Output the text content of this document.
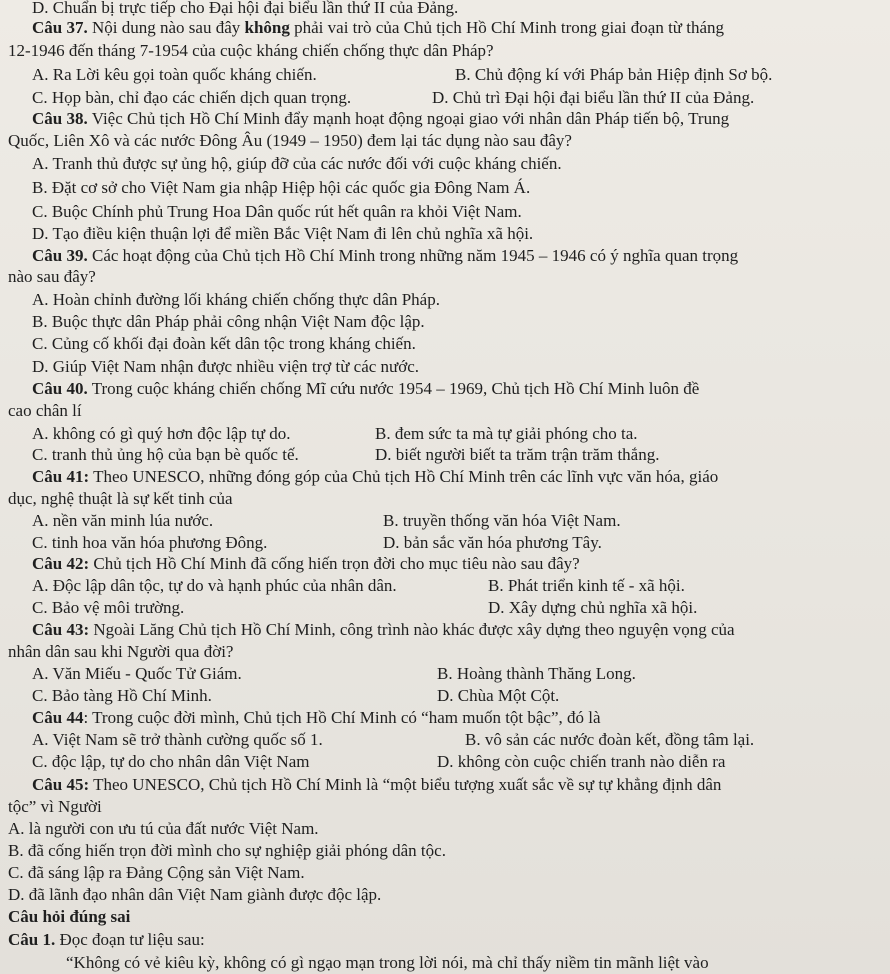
D. Chuẩn bị trực tiếp cho Đại hội đại biểu lần thứ II của Đảng.
Câu 37. Nội dung nào sau đây không phải vai trò của Chủ tịch Hồ Chí Minh trong giai đoạn từ tháng
12-1946 đến tháng 7-1954 của cuộc kháng chiến chống thực dân Pháp?
A. Ra Lời kêu gọi toàn quốc kháng chiến.	B. Chủ động kí với Pháp bản Hiệp định Sơ bộ.
C. Họp bàn, chỉ đạo các chiến dịch quan trọng.	D. Chủ trì Đại hội đại biểu lần thứ II của Đảng.
Câu 38. Việc Chủ tịch Hồ Chí Minh đẩy mạnh hoạt động ngoại giao với nhân dân Pháp tiến bộ, Trung
Quốc, Liên Xô và các nước Đông Âu (1949 – 1950) đem lại tác dụng nào sau đây?
A. Tranh thủ được sự ủng hộ, giúp đỡ của các nước đối với cuộc kháng chiến.
B. Đặt cơ sở cho Việt Nam gia nhập Hiệp hội các quốc gia Đông Nam Á.
C. Buộc Chính phủ Trung Hoa Dân quốc rút hết quân ra khỏi Việt Nam.
D. Tạo điều kiện thuận lợi để miền Bắc Việt Nam đi lên chủ nghĩa xã hội.
Câu 39. Các hoạt động của Chủ tịch Hồ Chí Minh trong những năm 1945 – 1946 có ý nghĩa quan trọng
nào sau đây?
A. Hoàn chỉnh đường lối kháng chiến chống thực dân Pháp.
B. Buộc thực dân Pháp phải công nhận Việt Nam độc lập.
C. Củng cố khối đại đoàn kết dân tộc trong kháng chiến.
D. Giúp Việt Nam nhận được nhiều viện trợ từ các nước.
Câu 40. Trong cuộc kháng chiến chống Mĩ cứu nước 1954 – 1969, Chủ tịch Hồ Chí Minh luôn đề
cao chân lí
A. không có gì quý hơn độc lập tự do.	B. đem sức ta mà tự giải phóng cho ta.
C. tranh thủ ủng hộ của bạn bè quốc tế.	D. biết người biết ta trăm trận trăm thắng.
Câu 41: Theo UNESCO, những đóng góp của Chủ tịch Hồ Chí Minh trên các lĩnh vực văn hóa, giáo
dục, nghệ thuật là sự kết tinh của
A. nền văn minh lúa nước.	B. truyền thống văn hóa Việt Nam.
C. tinh hoa văn hóa phương Đông.	D. bản sắc văn hóa phương Tây.
Câu 42: Chủ tịch Hồ Chí Minh đã cống hiến trọn đời cho mục tiêu nào sau đây?
A. Độc lập dân tộc, tự do và hạnh phúc của nhân dân.	B. Phát triển kinh tế - xã hội.
C. Bảo vệ môi trường.	D. Xây dựng chủ nghĩa xã hội.
Câu 43: Ngoài Lăng Chủ tịch Hồ Chí Minh, công trình nào khác được xây dựng theo nguyện vọng của
nhân dân sau khi Người qua đời?
A. Văn Miếu - Quốc Tử Giám.	B. Hoàng thành Thăng Long.
C. Bảo tàng Hồ Chí Minh.	D. Chùa Một Cột.
Câu 44: Trong cuộc đời mình, Chủ tịch Hồ Chí Minh có “ham muốn tột bậc”, đó là
A. Việt Nam sẽ trở thành cường quốc số 1.	B. vô sản các nước đoàn kết, đồng tâm lại.
C. độc lập, tự do cho nhân dân Việt Nam	D. không còn cuộc chiến tranh nào diễn ra
Câu 45: Theo UNESCO, Chủ tịch Hồ Chí Minh là “một biểu tượng xuất sắc về sự tự khẳng định dân
tộc” vì Người
A. là người con ưu tú của đất nước Việt Nam.
B. đã cống hiến trọn đời mình cho sự nghiệp giải phóng dân tộc.
C. đã sáng lập ra Đảng Cộng sản Việt Nam.
D. đã lãnh đạo nhân dân Việt Nam giành được độc lập.
Câu hỏi đúng sai
Câu 1. Đọc đoạn tư liệu sau:
“Không có vẻ kiêu kỳ, không có gì ngạo mạn trong lời nói, mà chỉ thấy niềm tin mãnh liệt vào
